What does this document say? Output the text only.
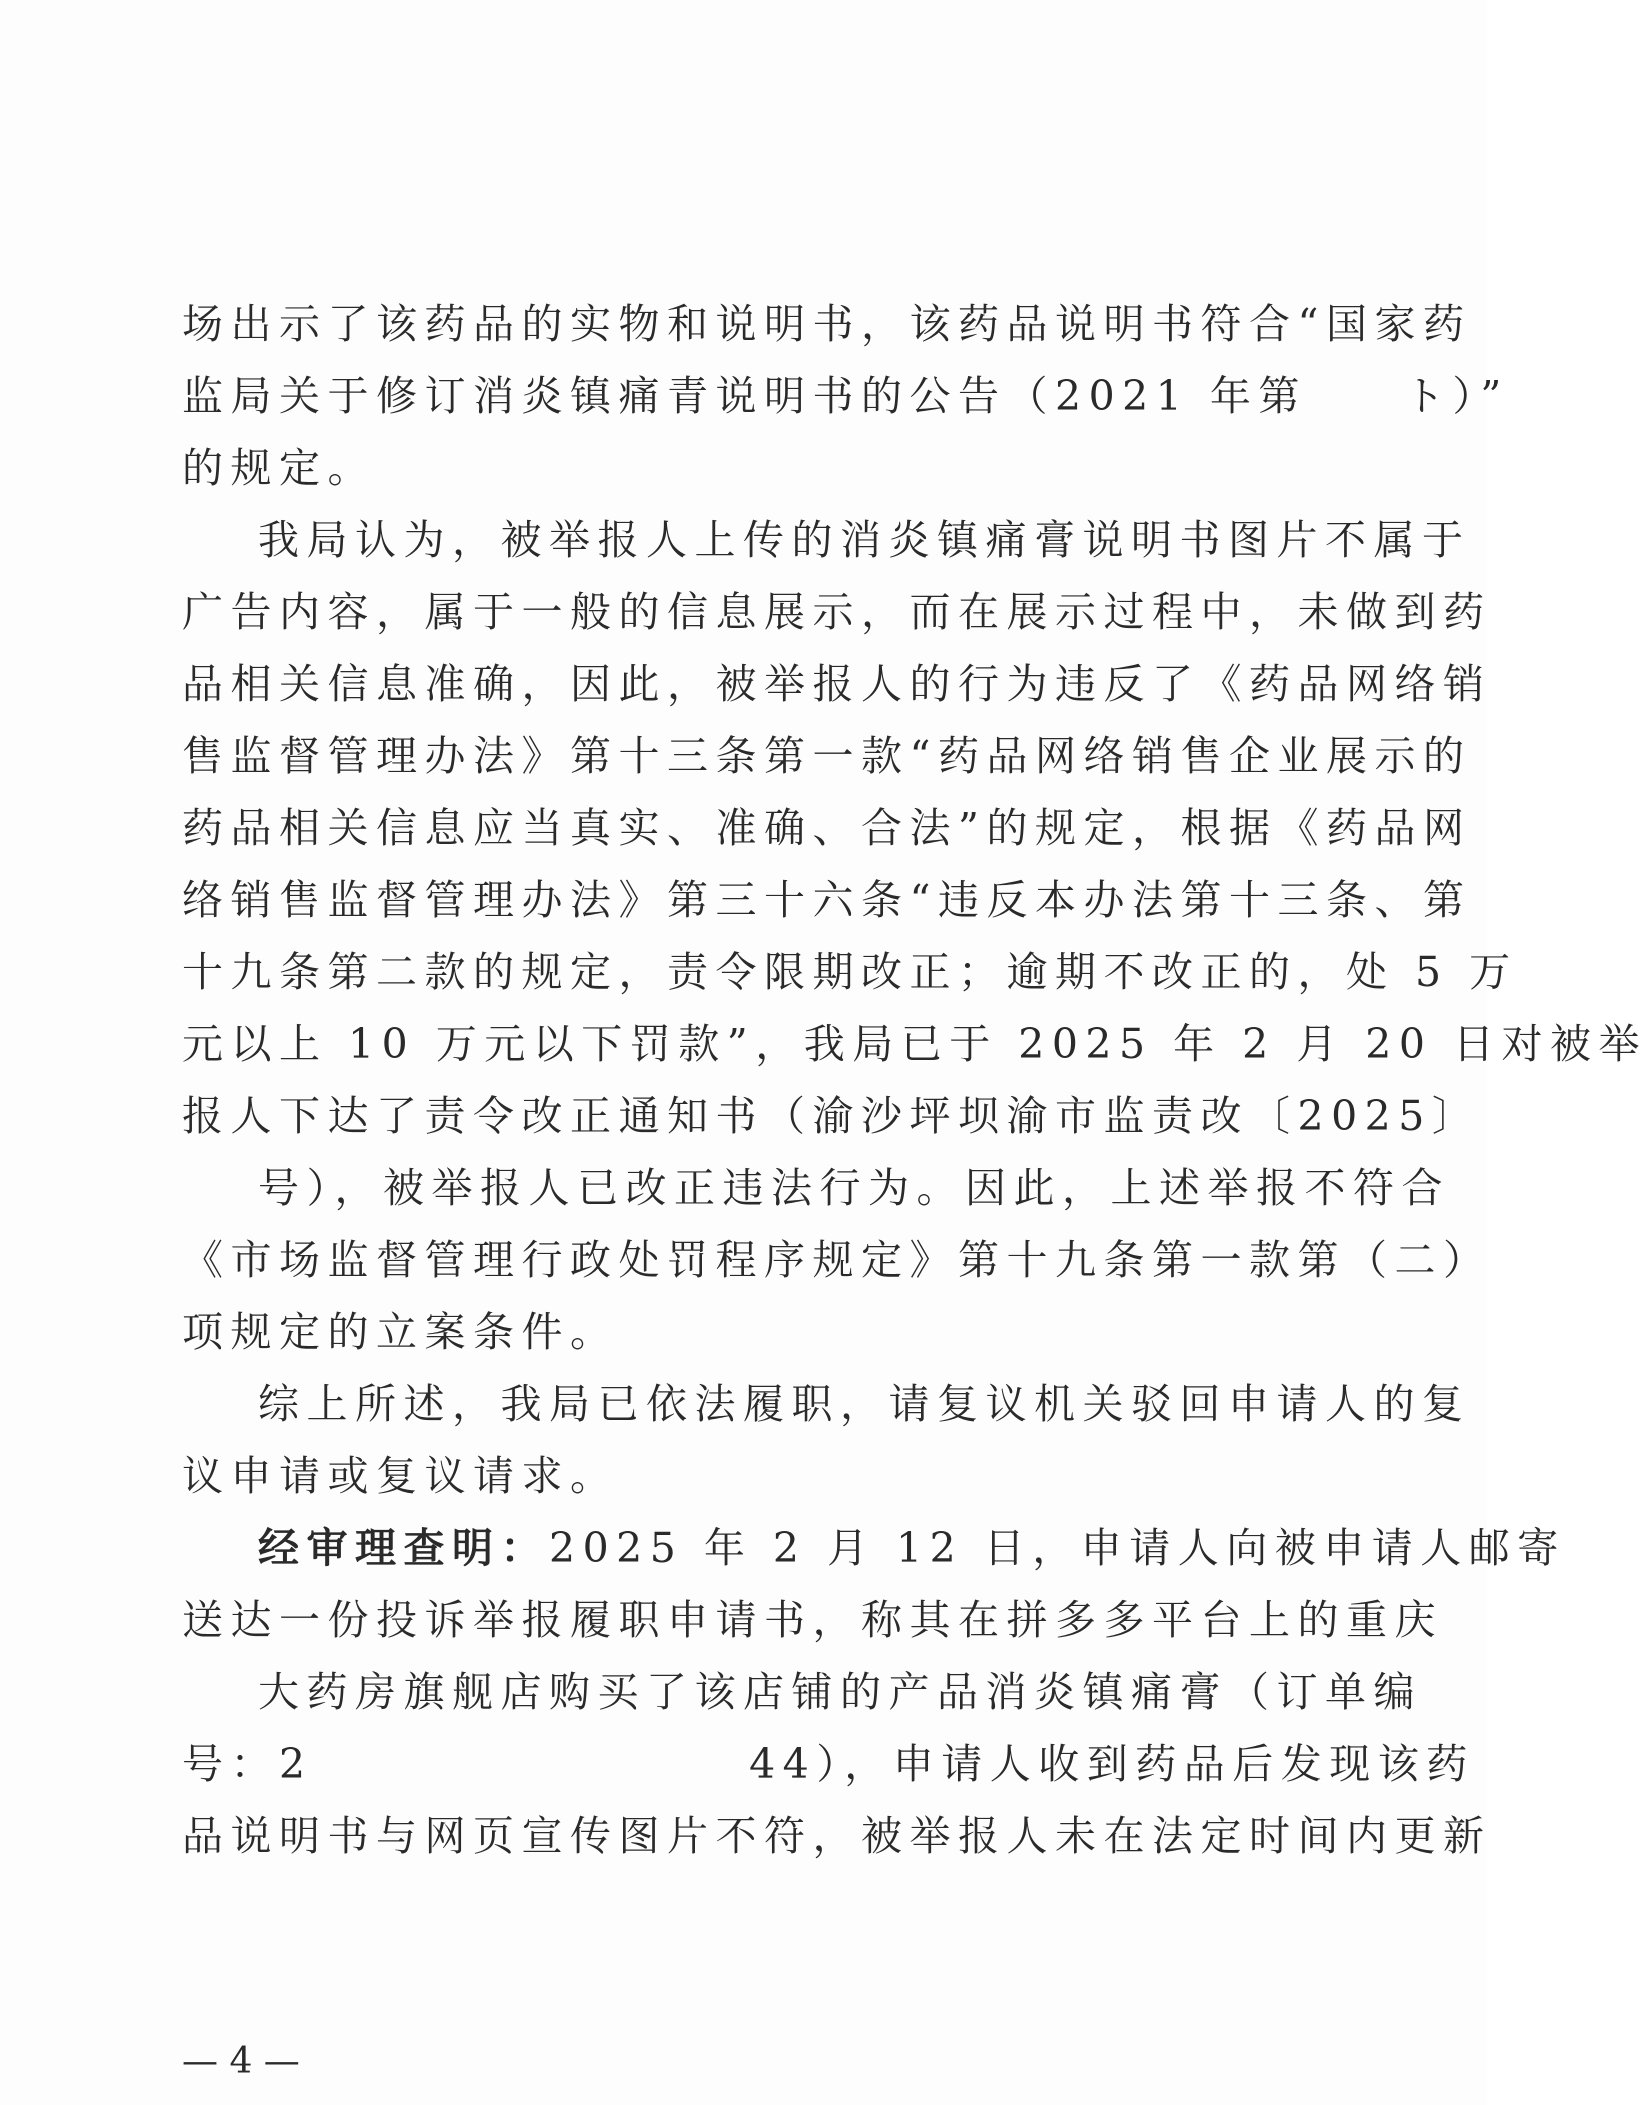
场出示了该药品的实物和说明书，该药品说明书符合“国家药
监局关于修订消炎镇痛青说明书的公告（2021 年第　　ト）”
的规定。
我局认为，被举报人上传的消炎镇痛膏说明书图片不属于
广告内容，属于一般的信息展示，而在展示过程中，未做到药
品相关信息准确，因此，被举报人的行为违反了《药品网络销
售监督管理办法》第十三条第一款“药品网络销售企业展示的
药品相关信息应当真实、准确、合法”的规定，根据《药品网
络销售监督管理办法》第三十六条“违反本办法第十三条、第
十九条第二款的规定，责令限期改正；逾期不改正的，处 5 万
元以上 10 万元以下罚款”，我局已于 2025 年 2 月 20 日对被举
报人下达了责令改正通知书（渝沙坪坝渝市监责改〔2025〕
号），被举报人已改正违法行为。因此，上述举报不符合
《市场监督管理行政处罚程序规定》第十九条第一款第（二）
项规定的立案条件。
综上所述，我局已依法履职，请复议机关驳回申请人的复
议申请或复议请求。
经审理查明：2025 年 2 月 12 日，申请人向被申请人邮寄
送达一份投诉举报履职申请书，称其在拼多多平台上的重庆
大药房旗舰店购买了该店铺的产品消炎镇痛膏（订单编
号：2　　　　　　　　　44），申请人收到药品后发现该药
品说明书与网页宣传图片不符，被举报人未在法定时间内更新
— 4 —
